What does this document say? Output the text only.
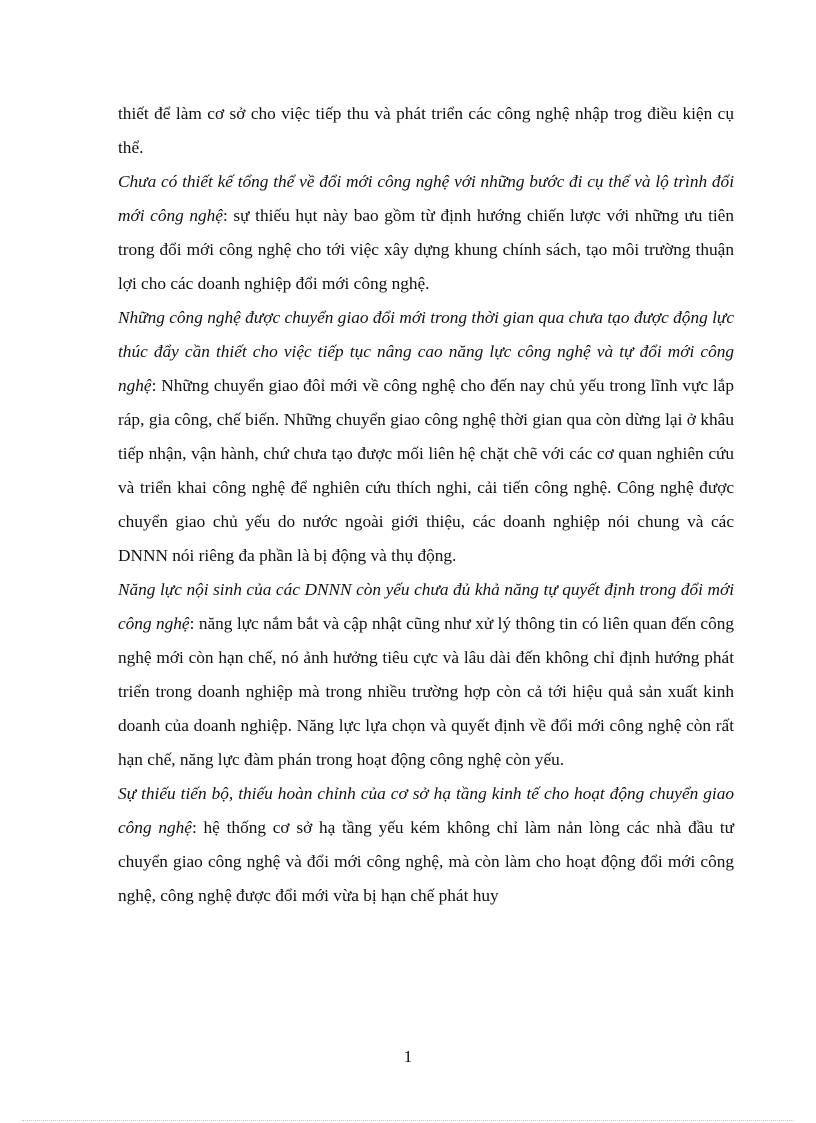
thiết để làm cơ sở cho việc tiếp thu và phát triển các công nghệ nhập trog điều kiện cụ thể.

Chưa có thiết kế tổng thể về đổi mới công nghệ với những bước đi cụ thể và lộ trình đổi mới công nghệ: sự thiếu hụt này bao gồm từ định hướng chiến lược với những ưu tiên trong đổi mới công nghệ cho tới việc xây dựng khung chính sách, tạo môi trường thuận lợi cho các doanh nghiệp đổi mới công nghệ.

Những công nghệ được chuyển giao đổi mới trong thời gian qua chưa tạo được động lực thúc đẩy cần thiết cho việc tiếp tục nâng cao năng lực công nghệ và tự đổi mới công nghệ: Những chuyển giao đôỉ mới về công nghệ cho đến nay chủ yếu trong lĩnh vực lắp ráp, gia công, chế biến. Những chuyển giao công nghệ thời gian qua còn dừng lại ở khâu tiếp nhận, vận hành, chứ chưa tạo được mối liên hệ chặt chẽ với các cơ quan nghiên cứu và triển khai công nghệ để nghiên cứu thích nghi, cải tiến công nghệ. Công nghệ được chuyển giao chủ yếu do nước ngoài giới thiệu, các doanh nghiệp nói chung và các DNNN nói riêng đa phần là bị động và thụ động.

Năng lực nội sinh của các DNNN còn yếu chưa đủ khả năng tự quyết định trong đổi mới công nghệ: năng lực nắm bắt và cập nhật cũng như xử lý thông tin có liên quan đến công nghệ mới còn hạn chế, nó ảnh hưởng tiêu cực và lâu dài đến không chỉ định hướng phát triển trong doanh nghiệp mà trong nhiều trường hợp còn cả tới hiệu quả sản xuất kinh doanh của doanh nghiệp. Năng lực lựa chọn và quyết định về đổi mới công nghệ còn rất hạn chế, năng lực đàm phán trong hoạt động công nghệ còn yếu.

Sự thiếu tiến bộ, thiếu hoàn chỉnh của cơ sở hạ tầng kinh tế cho hoạt động chuyển giao công nghệ: hệ thống cơ sở hạ tầng yếu kém không chỉ làm nản lòng các nhà đầu tư chuyển giao công nghệ và đổi mới công nghệ, mà còn làm cho hoạt động đổi mới công nghệ, công nghệ được đổi mới vừa bị hạn chế phát huy

1
